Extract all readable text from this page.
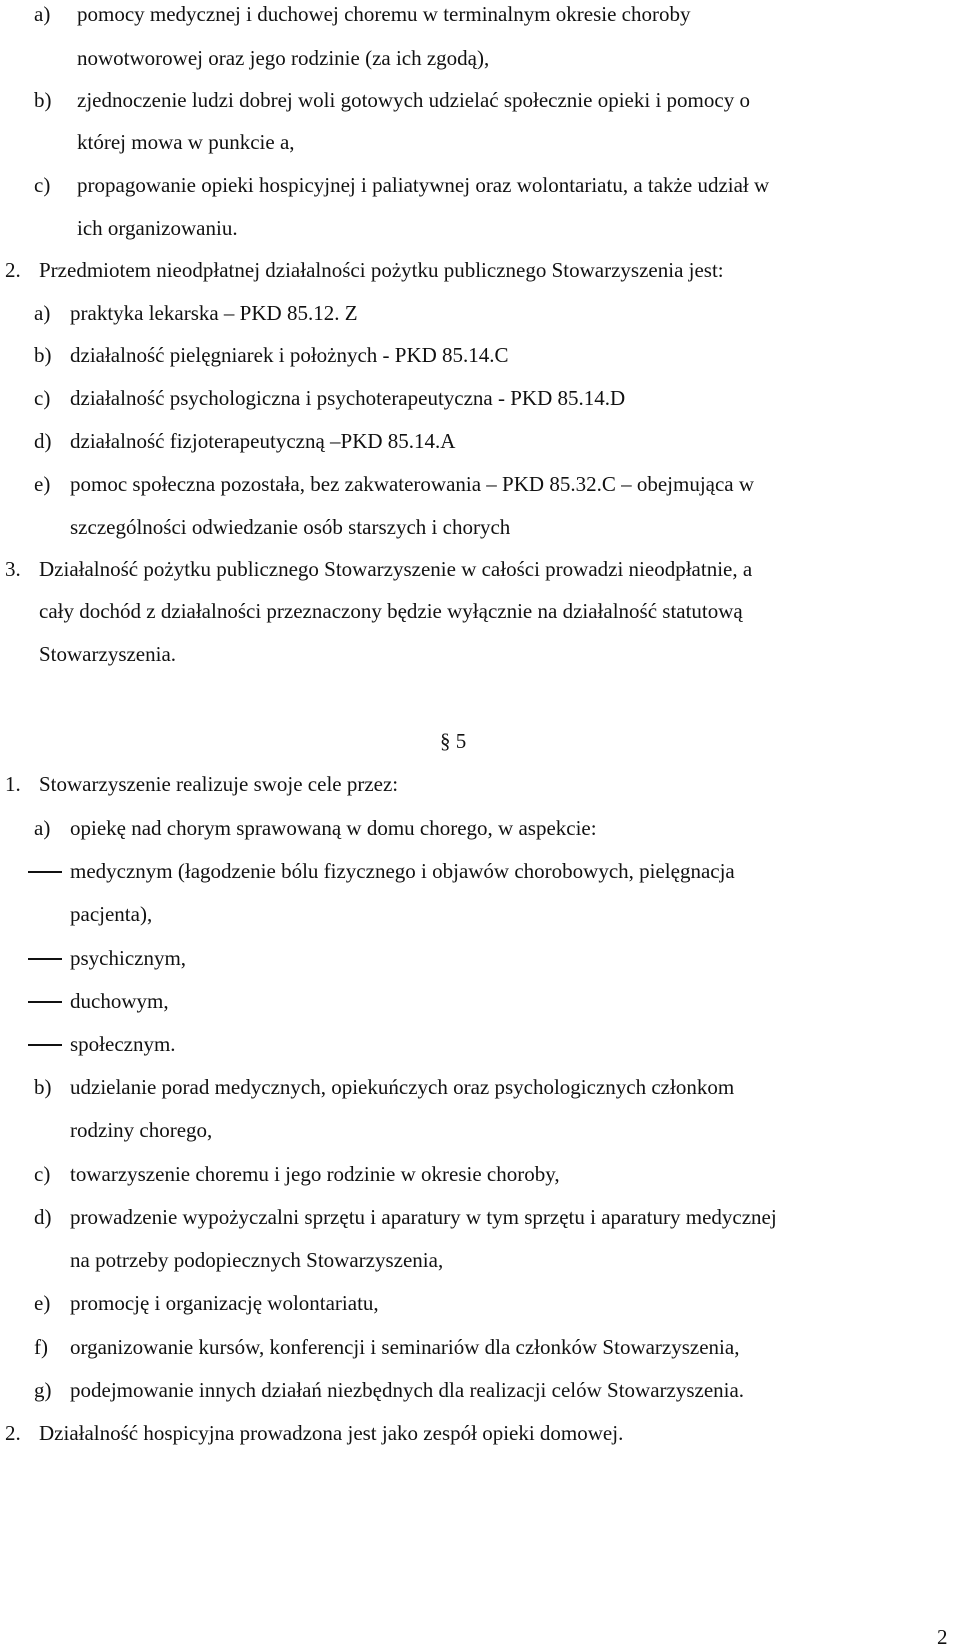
a) pomocy medycznej i duchowej choremu w terminalnym okresie choroby
nowotworowej oraz jego rodzinie (za ich zgodą),
b) zjednoczenie ludzi dobrej woli gotowych udzielać społecznie opieki i pomocy o
której mowa w punkcie a,
c) propagowanie opieki hospicyjnej i paliatywnej oraz wolontariatu, a także udział w
ich organizowaniu.
2. Przedmiotem nieodpłatnej działalności pożytku publicznego Stowarzyszenia jest:
a) praktyka lekarska – PKD 85.12. Z
b) działalność pielęgniarek i położnych - PKD 85.14.C
c) działalność psychologiczna i psychoterapeutyczna - PKD 85.14.D
d) działalność fizjoterapeutyczną –PKD 85.14.A
e) pomoc społeczna pozostała, bez zakwaterowania – PKD 85.32.C – obejmująca w
szczególności odwiedzanie osób starszych i chorych
3. Działalność pożytku publicznego Stowarzyszenie w całości prowadzi nieodpłatnie, a
cały dochód z działalności przeznaczony będzie wyłącznie na działalność statutową
Stowarzyszenia.
§ 5
1. Stowarzyszenie realizuje swoje cele przez:
a) opiekę nad chorym sprawowaną w domu chorego, w aspekcie:
medycznym (łagodzenie bólu fizycznego i objawów chorobowych, pielęgnacja
pacjenta),
psychicznym,
duchowym,
społecznym.
b) udzielanie porad medycznych, opiekuńczych oraz psychologicznych członkom
rodziny chorego,
c) towarzyszenie choremu i jego rodzinie w okresie choroby,
d) prowadzenie wypożyczalni sprzętu i aparatury w tym sprzętu i aparatury medycznej
na potrzeby podopiecznych Stowarzyszenia,
e) promocję i organizację wolontariatu,
f) organizowanie kursów, konferencji i seminariów dla członków Stowarzyszenia,
g) podejmowanie innych działań niezbędnych dla realizacji celów Stowarzyszenia.
2. Działalność hospicyjna prowadzona jest jako zespół opieki domowej.
2
